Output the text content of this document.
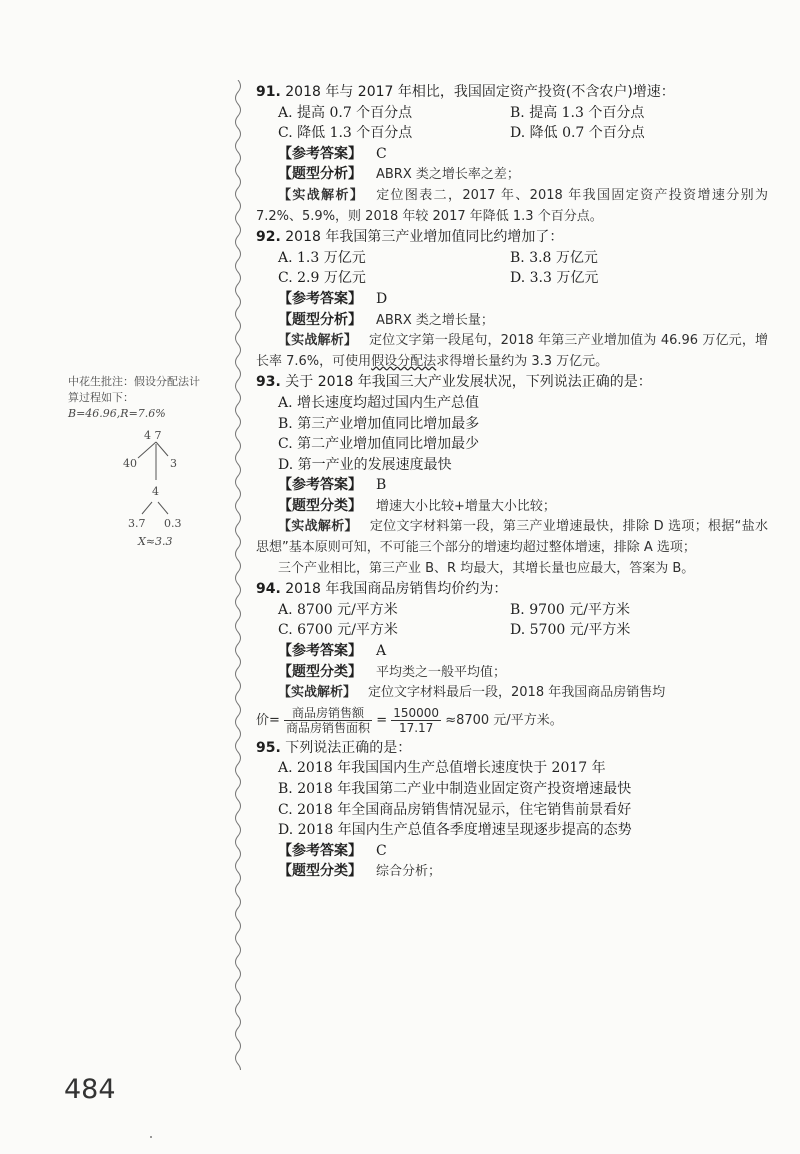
中花生批注：假设分配法计

算过程如下：

B=46.96,R=7.6%

4 7
40	3
4
3.7 0.3
X≈3.3

91. 2018 年与 2017 年相比，我国固定资产投资(不含农户)增速：

A. 提高 0.7 个百分点	B. 提高 1.3 个百分点
C. 降低 1.3 个百分点	D. 降低 0.7 个百分点

【参考答案】 C

【题型分析】 ABRX 类之增长率之差；

【实战解析】 定位图表二，2017 年、2018 年我国固定资产投资增速分别为 7.2%、5.9%，则 2018 年较 2017 年降低 1.3 个百分点。

92. 2018 年我国第三产业增加值同比约增加了：

A. 1.3 万亿元	B. 3.8 万亿元
C. 2.9 万亿元	D. 3.3 万亿元

【参考答案】 D

【题型分析】 ABRX 类之增长量；

【实战解析】 定位文字第一段尾句，2018 年第三产业增加值为 46.96 万亿元，增长率 7.6%，可使用假设分配法求得增长量约为 3.3 万亿元。

93. 关于 2018 年我国三大产业发展状况，下列说法正确的是：

A. 增长速度均超过国内生产总值

B. 第三产业增加值同比增加最多

C. 第二产业增加值同比增加最少

D. 第一产业的发展速度最快

【参考答案】 B

【题型分类】 增速大小比较+增量大小比较；

【实战解析】 定位文字材料第一段，第三产业增速最快，排除 D 选项；根据“盐水思想”基本原则可知，不可能三个部分的增速均超过整体增速，排除 A 选项；

三个产业相比，第三产业 B、R 均最大，其增长量也应最大，答案为 B。

94. 2018 年我国商品房销售均价约为：

A. 8700 元/平方米	B. 9700 元/平方米
C. 6700 元/平方米	D. 5700 元/平方米

【参考答案】 A

【题型分类】 平均类之一般平均值；

【实战解析】 定位文字材料最后一段，2018 年我国商品房销售均

价= $\frac{\text{商品房销售额}}{\text{商品房销售面积}} = \frac{150000}{17.17} \approx 8700$ 元/平方米。

95. 下列说法正确的是：

A. 2018 年我国国内生产总值增长速度快于 2017 年

B. 2018 年我国第二产业中制造业固定资产投资增速最快

C. 2018 年全国商品房销售情况显示，住宅销售前景看好

D. 2018 年国内生产总值各季度增速呈现逐步提高的态势

【参考答案】 C

【题型分类】 综合分析；

484
